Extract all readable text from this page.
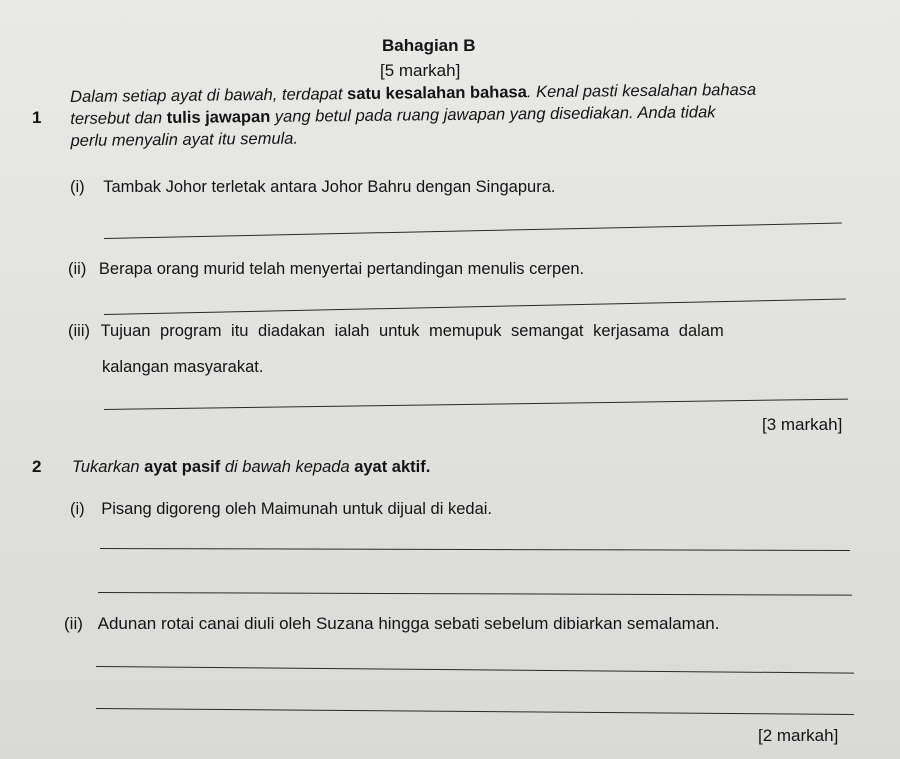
Bahagian B
[5 markah]
1
Dalam setiap ayat di bawah, terdapat satu kesalahan bahasa. Kenal pasti kesalahan bahasa
tersebut dan tulis jawapan yang betul pada ruang jawapan yang disediakan. Anda tidak
perlu menyalin ayat itu semula.
(i) Tambak Johor terletak antara Johor Bahru dengan Singapura.
(ii) Berapa orang murid telah menyertai pertandingan menulis cerpen.
(iii) Tujuan program itu diadakan ialah untuk memupuk semangat kerjasama dalam
kalangan masyarakat.
[3 markah]
2 Tukarkan ayat pasif di bawah kepada ayat aktif.
(i) Pisang digoreng oleh Maimunah untuk dijual di kedai.
(ii) Adunan rotai canai diuli oleh Suzana hingga sebati sebelum dibiarkan semalaman.
[2 markah]
